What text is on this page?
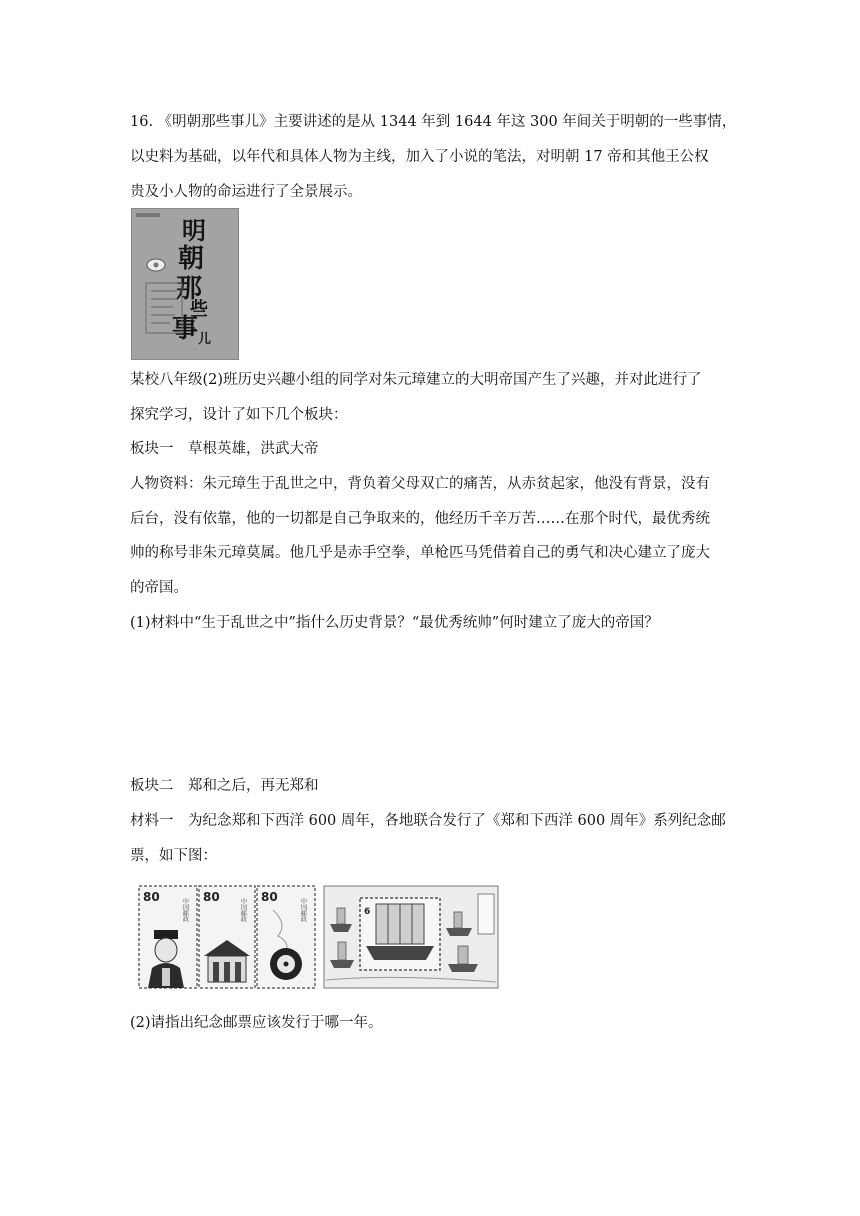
16. 《明朝那些事儿》主要讲述的是从 1344 年到 1644 年这 300 年间关于明朝的一些事情，
以史料为基础，以年代和具体人物为主线，加入了小说的笔法，对明朝 17 帝和其他王公权
贵及小人物的命运进行了全景展示。
明
朝
那
些
事 儿
某校八年级(2)班历史兴趣小组的同学对朱元璋建立的大明帝国产生了兴趣，并对此进行了
探究学习，设计了如下几个板块：
板块一　草根英雄，洪武大帝
人物资料：朱元璋生于乱世之中，背负着父母双亡的痛苦，从赤贫起家，他没有背景，没有
后台，没有依靠，他的一切都是自己争取来的，他经历千辛万苦……在那个时代，最优秀统
帅的称号非朱元璋莫属。他几乎是赤手空拳，单枪匹马凭借着自己的勇气和决心建立了庞大
的帝国。
(1)材料中“生于乱世之中”指什么历史背景？“最优秀统帅”何时建立了庞大的帝国？
板块二　郑和之后，再无郑和
材料一　为纪念郑和下西洋 600 周年，各地联合发行了《郑和下西洋 600 周年》系列纪念邮
票，如下图：
80
中国邮政
80
中国邮政
80
中国邮政	6
(2)请指出纪念邮票应该发行于哪一年。
